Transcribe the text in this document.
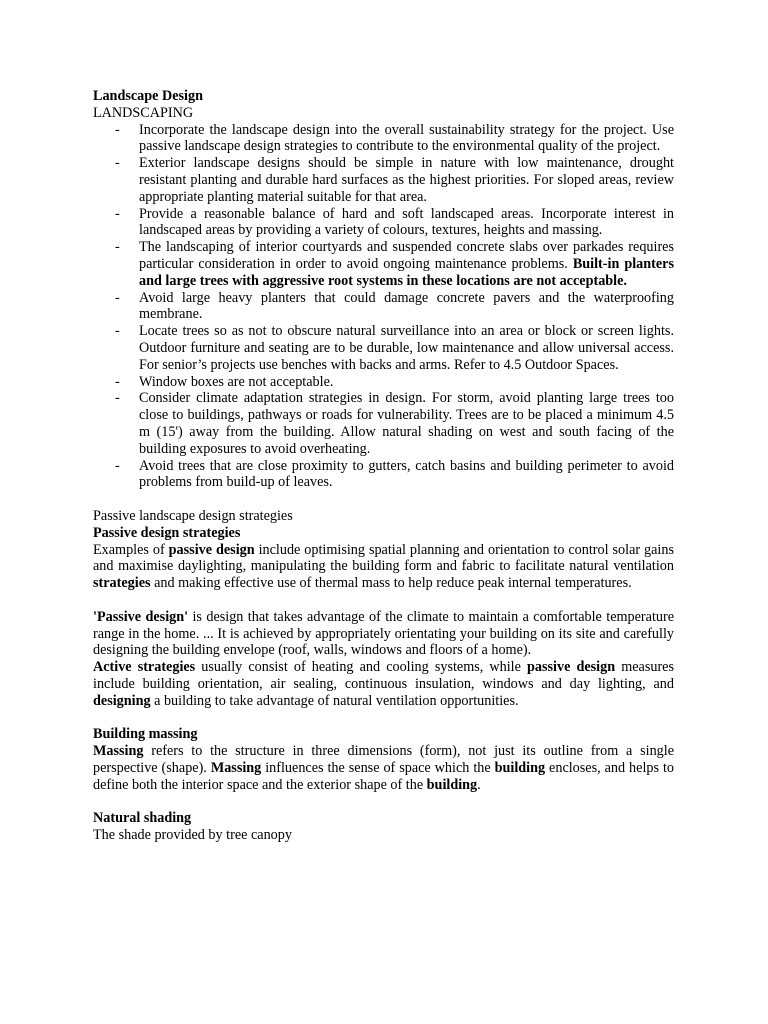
Landscape Design
LANDSCAPING
- Incorporate the landscape design into the overall sustainability strategy for the project. Use passive landscape design strategies to contribute to the environmental quality of the project.
- Exterior landscape designs should be simple in nature with low maintenance, drought resistant planting and durable hard surfaces as the highest priorities. For sloped areas, review appropriate planting material suitable for that area.
- Provide a reasonable balance of hard and soft landscaped areas. Incorporate interest in landscaped areas by providing a variety of colours, textures, heights and massing.
- The landscaping of interior courtyards and suspended concrete slabs over parkades requires particular consideration in order to avoid ongoing maintenance problems. Built-in planters and large trees with aggressive root systems in these locations are not acceptable.
- Avoid large heavy planters that could damage concrete pavers and the waterproofing membrane.
- Locate trees so as not to obscure natural surveillance into an area or block or screen lights. Outdoor furniture and seating are to be durable, low maintenance and allow universal access. For senior’s projects use benches with backs and arms. Refer to 4.5 Outdoor Spaces.
- Window boxes are not acceptable.
- Consider climate adaptation strategies in design. For storm, avoid planting large trees too close to buildings, pathways or roads for vulnerability. Trees are to be placed a minimum 4.5 m (15') away from the building. Allow natural shading on west and south facing of the building exposures to avoid overheating.
- Avoid trees that are close proximity to gutters, catch basins and building perimeter to avoid problems from build-up of leaves.
Passive landscape design strategies
Passive design strategies

Examples of passive design include optimising spatial planning and orientation to control solar gains and maximise daylighting, manipulating the building form and fabric to facilitate natural ventilation strategies and making effective use of thermal mass to help reduce peak internal temperatures.

'Passive design' is design that takes advantage of the climate to maintain a comfortable temperature range in the home. ... It is achieved by appropriately orientating your building on its site and carefully designing the building envelope (roof, walls, windows and floors of a home).

Active strategies usually consist of heating and cooling systems, while passive design measures include building orientation, air sealing, continuous insulation, windows and day lighting, and designing a building to take advantage of natural ventilation opportunities.

Building massing

Massing refers to the structure in three dimensions (form), not just its outline from a single perspective (shape). Massing influences the sense of space which the building encloses, and helps to define both the interior space and the exterior shape of the building.

Natural shading
The shade provided by tree canopy
